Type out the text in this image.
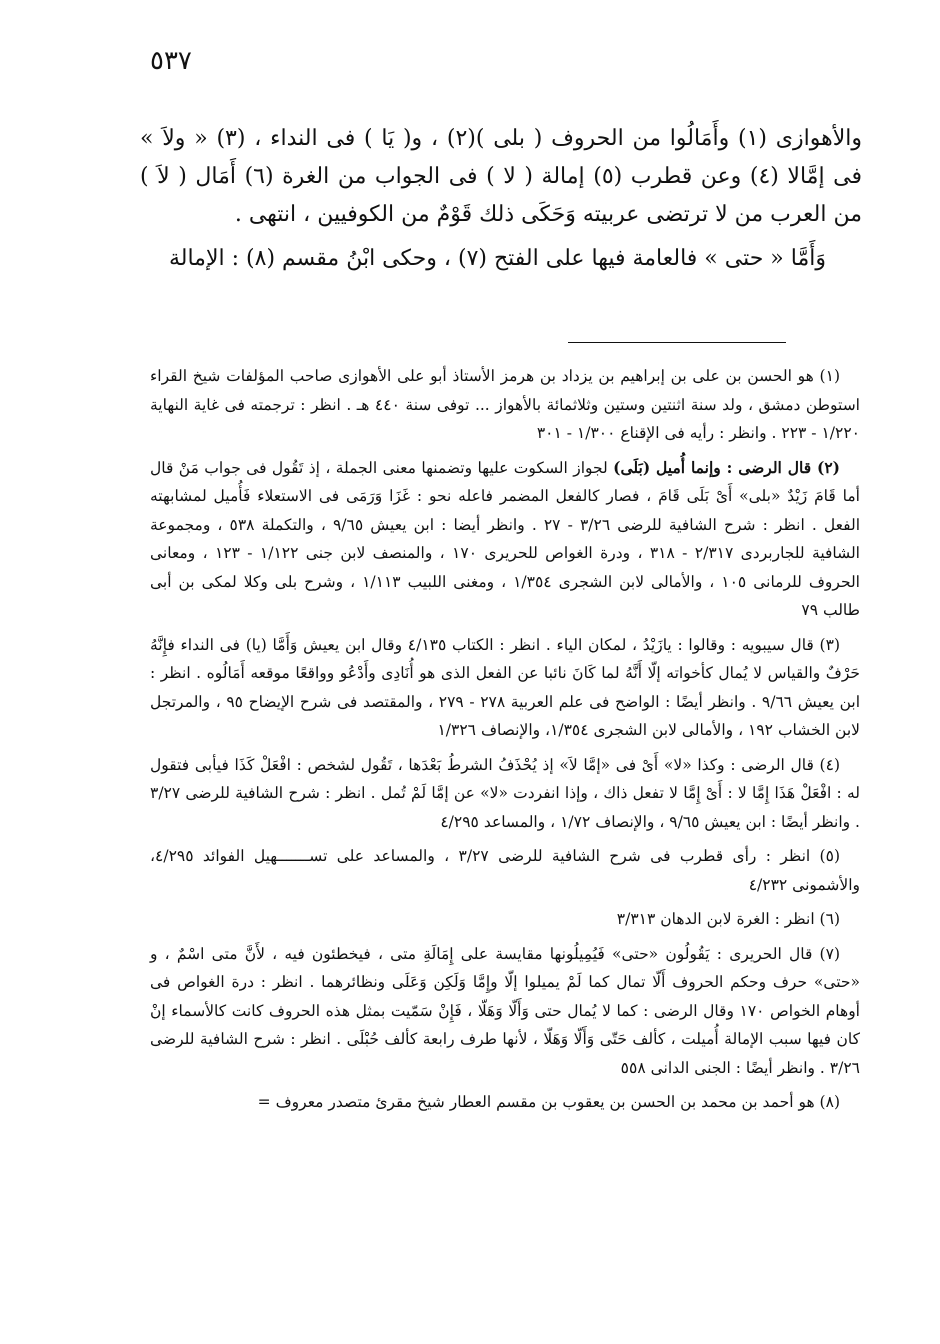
٥٣٧

والأهوازى (١) وأَمَالُوا من الحروف ( بلى )(٢) ، و( يَا ) فى النداء ، (٣) « ولاَ » فى إمَّالا (٤) وعن قطرب (٥) إمالة ( لا ) فى الجواب من الغرة (٦) أَمَال ( لاَ ) من العرب من لا ترتضى عربيته وَحَكَى ذلك قَوْمٌ من الكوفيين ، انتهى .

وَأَمَّا « حتى » فالعامة فيها على الفتح (٧) ، وحكى ابْنُ مقسم (٨) : الإمالة

(١) هو الحسن بن على بن إبراهيم بن يزداد بن هرمز الأستاذ أبو على الأهوازى صاحب المؤلفات شيخ القراء استوطن دمشق ، ولد سنة اثنتين وستين وثلاثمائة بالأهواز ... توفى سنة ٤٤٠ هـ . انظر : ترجمته فى غاية النهاية ١/٢٢٠ - ٢٢٣ . وانظر : رأيه فى الإقناع ١/٣٠٠ - ٣٠١

(٢) قال الرضى : وإنما أُميل (بَلَى) لجواز السكوت عليها وتضمنها معنى الجملة ، إذ تَقُول فى جواب مَنْ قال أما قَامَ زَيْدٌ «بلى» أَىْ بَلَى قَامَ ، فصار كالفعل المضمر فاعله نحو : غَزَا وَرَمَى فى الاستعلاء فَأُميل لمشابهته الفعل . انظر : شرح الشافية للرضى ٣/٢٦ - ٢٧ . وانظر أيضا : ابن يعيش ٩/٦٥ ، والتكملة ٥٣٨ ، ومجموعة الشافية للجاربردى ٢/٣١٧ - ٣١٨ ، ودرة الغواص للحريرى ١٧٠ ، والمنصف لابن جنى ١/١٢٢ - ١٢٣ ، ومعانى الحروف للرمانى ١٠٥ ، والأمالى لابن الشجرى ١/٣٥٤ ، ومغنى اللبيب ١/١١٣ ، وشرح بلى وكلا لمكى بن أبى طالب ٧٩

(٣) قال سيبويه : وقالوا : يازَيْدُ ، لمكان الياء . انظر : الكتاب ٤/١٣٥ وقال ابن يعيش وَأَمَّا (يا) فى النداء فإِنَّهُ حَرْفٌ والقياس لا يُمال كأخواته إلّا أَنَّهُ لما كَانَ نائبا عن الفعل الذى هو أُنَادِى وأَدْعُو وواقعًا موقعه أَمَالُوه . انظر : ابن يعيش ٩/٦٦ . وانظر أيضًا : الواضح فى علم العربية ٢٧٨ - ٢٧٩ ، والمقتصد فى شرح الإيضاح ٩٥ ، والمرتجل لابن الخشاب ١٩٢ ، والأمالى لابن الشجرى ١/٣٥٤، والإنصاف ١/٣٢٦

(٤) قال الرضى : وكذا «لا» أَىْ فى «إمَّا لاَ» إذ يُحْذَفُ الشرطُ بَعْدَها ، تَقُول لشخص : افْعَلْ كَذَا فيأبى فتقول له : افْعَلْ هَذَا إِمَّا لا : أَىْ إِمَّا لا تفعل ذاك ، وإذا انفردت «لا» عن إمَّا لَمْ تُمل . انظر : شرح الشافية للرضى ٣/٢٧ . وانظر أيضًا : ابن يعيش ٩/٦٥ ، والإنصاف ١/٧٢ ، والمساعد ٤/٢٩٥

(٥) انظر : رأى قطرب فى شرح الشافية للرضى ٣/٢٧ ، والمساعد على تســـــــهيل الفوائد ٤/٢٩٥، والأشمونى ٤/٢٣٢

(٦) انظر : الغرة لابن الدهان ٣/٣١٣

(٧) قال الحريرى : يَقُولُون «حتى» فَيُمِيلُونها مقايسة على إِمَالَةِ متى ، فيخطئون فيه ، لأَنَّ متى اسْمٌ ، و «حتى» حرف وحكم الحروف أَلّا تمال كما لَمْ يميلوا إلّا وإِمَّا وَلَكِن وَعَلَى ونظائرهما . انظر : درة الغواص فى أوهام الخواص ١٧٠ وقال الرضى : كما لا يُمال حتى وَأَلّا وَهَلّا ، فَإِنْ سَمّيت بمثل هذه الحروف كانت كالأسماء إنْ كان فيها سبب الإمالة أُميلت ، كألف حَتّى وَأَلّا وَهَلّا ، لأنها طرف رابعة كألف حُبْلَى . انظر : شرح الشافية للرضى ٣/٢٦ . وانظر أيضًا : الجنى الدانى ٥٥٨

(٨) هو أحمد بن محمد بن الحسن بن يعقوب بن مقسم العطار شيخ مقرئ متصدر معروف =
